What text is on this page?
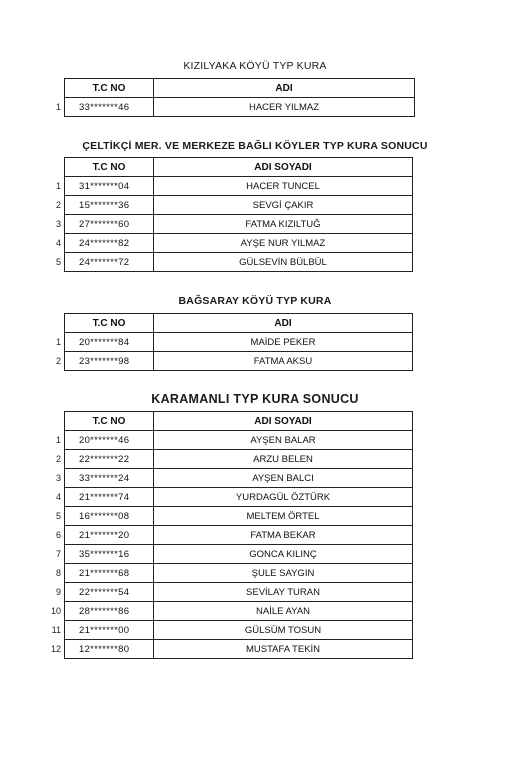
KIZILYAKA KÖYÜ TYP KURA
	T.C NO	ADI
1	33*******46	HACER YILMAZ
ÇELTİKÇİ MER. VE MERKEZE BAĞLI KÖYLER TYP KURA SONUCU
	T.C NO	ADI SOYADI
1	31*******04	HACER TUNCEL
2	15*******36	SEVGİ ÇAKIR
3	27*******60	FATMA KIZILTUĞ
4	24*******82	AYŞE NUR YILMAZ
5	24*******72	GÜLSEVİN BÜLBÜL
BAĞSARAY KÖYÜ TYP KURA
	T.C NO	ADI
1	20*******84	MAİDE PEKER
2	23*******98	FATMA AKSU
KARAMANLI TYP KURA SONUCU
	T.C NO	ADI SOYADI
1	20*******46	AYŞEN BALAR
2	22*******22	ARZU BELEN
3	33*******24	AYŞEN BALCI
4	21*******74	YURDAGÜL ÖZTÜRK
5	16*******08	MELTEM ÖRTEL
6	21*******20	FATMA BEKAR
7	35*******16	GONCA KILINÇ
8	21*******68	ŞULE SAYGIN
9	22*******54	SEVİLAY TURAN
10	28*******86	NAİLE AYAN
11	21*******00	GÜLSÜM TOSUN
12	12*******80	MUSTAFA TEKİN
